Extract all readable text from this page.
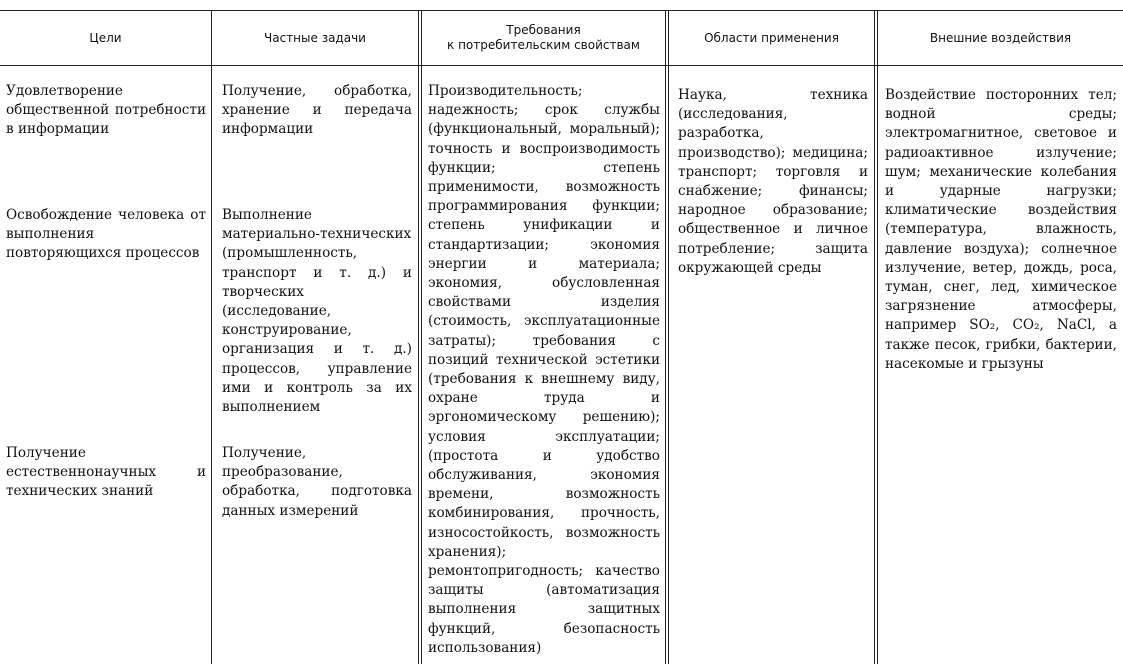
Цели	Частные задачи
Требования
к потребительским свойствам
Области применения	Внешние воздействия

Удовлетворение общественной потребности в информации

Освобождение человека от выполнения повторяющихся процессов

Получение естественнонаучных и технических знаний

Получение, обработка, хранение и передача информации

Выполнение материально-технических (промышленность, транспорт и т. д.) и творческих (исследование, конструирование, организация и т. д.) процессов, управление ими и контроль за их выполнением

Получение, преобразование, обработка, подготовка данных измерений

Производительность; надежность; срок службы (функциональный, моральный); точность и воспроизводимость функции; степень применимости, возможность программирования функции; степень унификации и стандартизации; экономия энергии и материала; экономия, обусловленная свойствами изделия (стоимость, эксплуатационные затраты); требования с позиций технической эстетики (требования к внешнему виду, охране труда и эргономическому решению); условия эксплуатации; (простота и удобство обслуживания, экономия времени, возможность комбинирования, прочность, износостойкость, возможность хранения); ремонтопригодность; качество защиты (автоматизация выполнения защитных функций, безопасность использования)

Наука, техника (исследования, разработка, производство); медицина; транспорт; торговля и снабжение; финансы; народное образование; общественное и личное потребление; защита окружающей среды

Воздействие посторонних тел; водной среды; электромагнитное, световое и радиоактивное излучение; шум; механические колебания и ударные нагрузки; климатические воздействия (температура, влажность, давление воздуха); солнечное излучение, ветер, дождь, роса, туман, снег, лед, химическое загрязнение атмосферы, например SO₂, CO₂, NaCl, а также песок, грибки, бактерии, насекомые и грызуны
